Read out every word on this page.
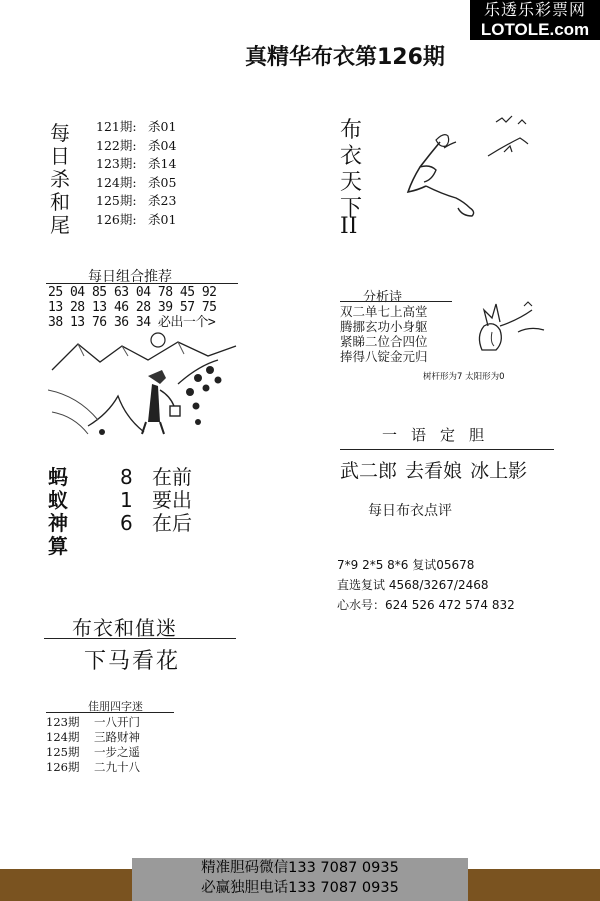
乐透乐彩票网
LOTOLE.com
真精华布衣第126期
每
日
杀
和
尾
121期: 杀01
122期: 杀04
123期: 杀14
124期: 杀05
125期: 杀23
126期: 杀01
布
衣
天
下
II
每日组合推荐
25 04 85 63 04 78 45 92
13 28 13 46 28 39 57 75
38 13 76 36 34 必出一个>
分析诗
双二单七上高堂
腾挪玄功小身躯
紧睇二位合四位
捧得八锭金元归
树杆形为7 太阳形为0
一语定胆
武二郎 去看娘 冰上影
每日布衣点评
7*9 2*5 8*6 复试05678
直选复试 4568/3267/2468
心水号：624 526 472 574 832
蚂
蚁
神
算
8 在前
1 要出
6 在后
布衣和值迷
下马看花
佳朋四字迷
123期 一八开门
124期 三路财神
125期 一步之遥
126期 二九十八
精准胆码微信133 7087 0935
必赢独胆电话133 7087 0935
